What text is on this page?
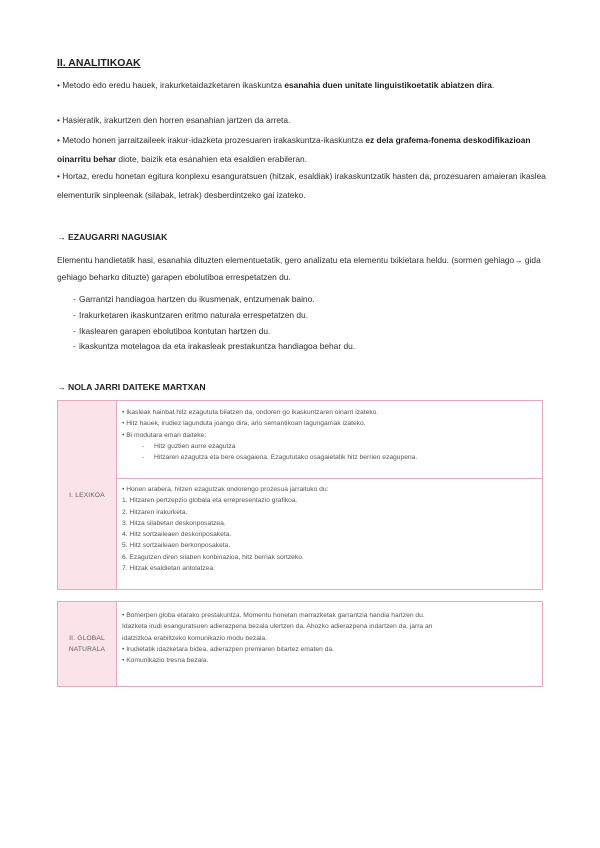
II. ANALITIKOAK
• Metodo edo eredu hauek, irakurketaidazketaren ikaskuntza esanahia duen unitate linguistikoetatik abiatzen dira.
• Hasieratik, irakurtzen den horren esanahian jartzen da arreta.
• Metodo honen jarraitzaileek irakur-idazketa prozesuaren irakaskuntza-ikaskuntza ez dela grafema-fonema deskodifikazioan oinarritu behar diote, baizik eta esanahien eta esaldien erabileran.
• Hortaz, eredu honetan egitura konplexu esanguratsuen (hitzak, esaldiak) irakaskuntzatik hasten da, prozesuaren amaieran ikaslea elementurik sinpleenak (silabak, letrak) desberdintzeko gai izateko.
→ EZAUGARRI NAGUSIAK
Elementu handietatik hasi, esanahia dituzten elementuetatik, gero analizatu eta elementu txikietara heldu. (sormen gehiago→ gida gehiago beharko dituzte) garapen ebolutiboa errespetatzen du.
- Garrantzi handiagoa hartzen du ikusmenak, entzumenak baino.
- Irakurketaren ikaskuntzaren eritmo naturala errespetatzen du.
- Ikaslearen garapen ebolutiboa kontutan hartzen du.
- ikaskuntza motelagoa da eta irakasleak prestakuntza handiagoa behar du.
→ NOLA JARRI DAITEKE MARTXAN
I. LEXIKOA
• Ikasleak hainbat hitz ezagututa bilatzen da, ondoren go ikaskuntzaren oinarri izateko.
• Hitz hauek, irudiez lagunduta joango dira, arlo semantikoan lagungarriak izateko.
• Bi modutara eman daiteke:
- Hitz guztien aurre ezagutza
- Hitzaren ezagutza eta bere osagaiena. Ezagututako osagaietatik hitz berrien ezagupena.
• Honen arabera, hitzen ezagutzak ondorengo prozesua jarraituko du:
1. Hitzaren pertzepzio globala eta errepresentazio grafikoa.
2. Hitzaren irakurketa.
3. Hitza silabetan deskonposatzea.
4. Hitz sortzaileaen deskonposaketa.
5. Hitz sortzaileaen berkonposaketa.
6. Ezagutzen diren silaben konbinazioa, hitz berriak sortzeko.
7. Hitzak esaldietan antolatzea.
II. GLOBAL
NATURALA
• Bomerpen globa etarako prestakuntza. Momentu honetan marrazketak garrantzia handia hartzen du.
Idazketa irudi esanguratsuen adierazpena bezala ulertzen da. Ahozko adierazpena indartzen da, jarra an
idatzizkoa erabiltzeko komunikazio modu bezala.
• Irudietatik idazketara bidea, adierazpen premiaren bitartez ematen da.
• Komunikazio tresna bezala.
